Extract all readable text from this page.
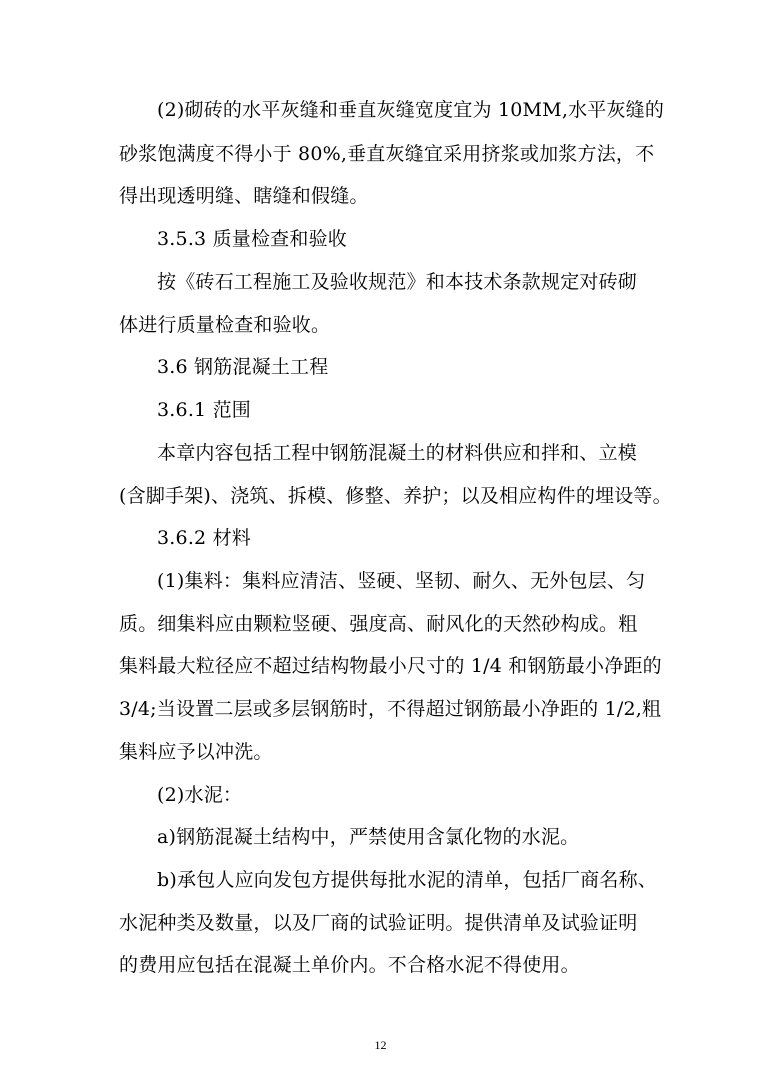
(2)砌砖的水平灰缝和垂直灰缝宽度宜为 10MM,水平灰缝的
砂浆饱满度不得小于 80%,垂直灰缝宜采用挤浆或加浆方法，不
得出现透明缝、瞎缝和假缝。
3.5.3 质量检查和验收
按《砖石工程施工及验收规范》和本技术条款规定对砖砌
体进行质量检查和验收。
3.6 钢筋混凝土工程
3.6.1 范围
本章内容包括工程中钢筋混凝土的材料供应和拌和、立模
(含脚手架)、浇筑、拆模、修整、养护；以及相应构件的埋设等。
3.6.2 材料
(1)集料：集料应清洁、竖硬、坚韧、耐久、无外包层、匀
质。细集料应由颗粒竖硬、强度高、耐风化的天然砂构成。粗
集料最大粒径应不超过结构物最小尺寸的 1/4 和钢筋最小净距的
3/4;当设置二层或多层钢筋时，不得超过钢筋最小净距的 1/2,粗
集料应予以冲洗。
(2)水泥：
a)钢筋混凝土结构中，严禁使用含氯化物的水泥。
b)承包人应向发包方提供每批水泥的清单，包括厂商名称、
水泥种类及数量，以及厂商的试验证明。提供清单及试验证明
的费用应包括在混凝土单价内。不合格水泥不得使用。
12
